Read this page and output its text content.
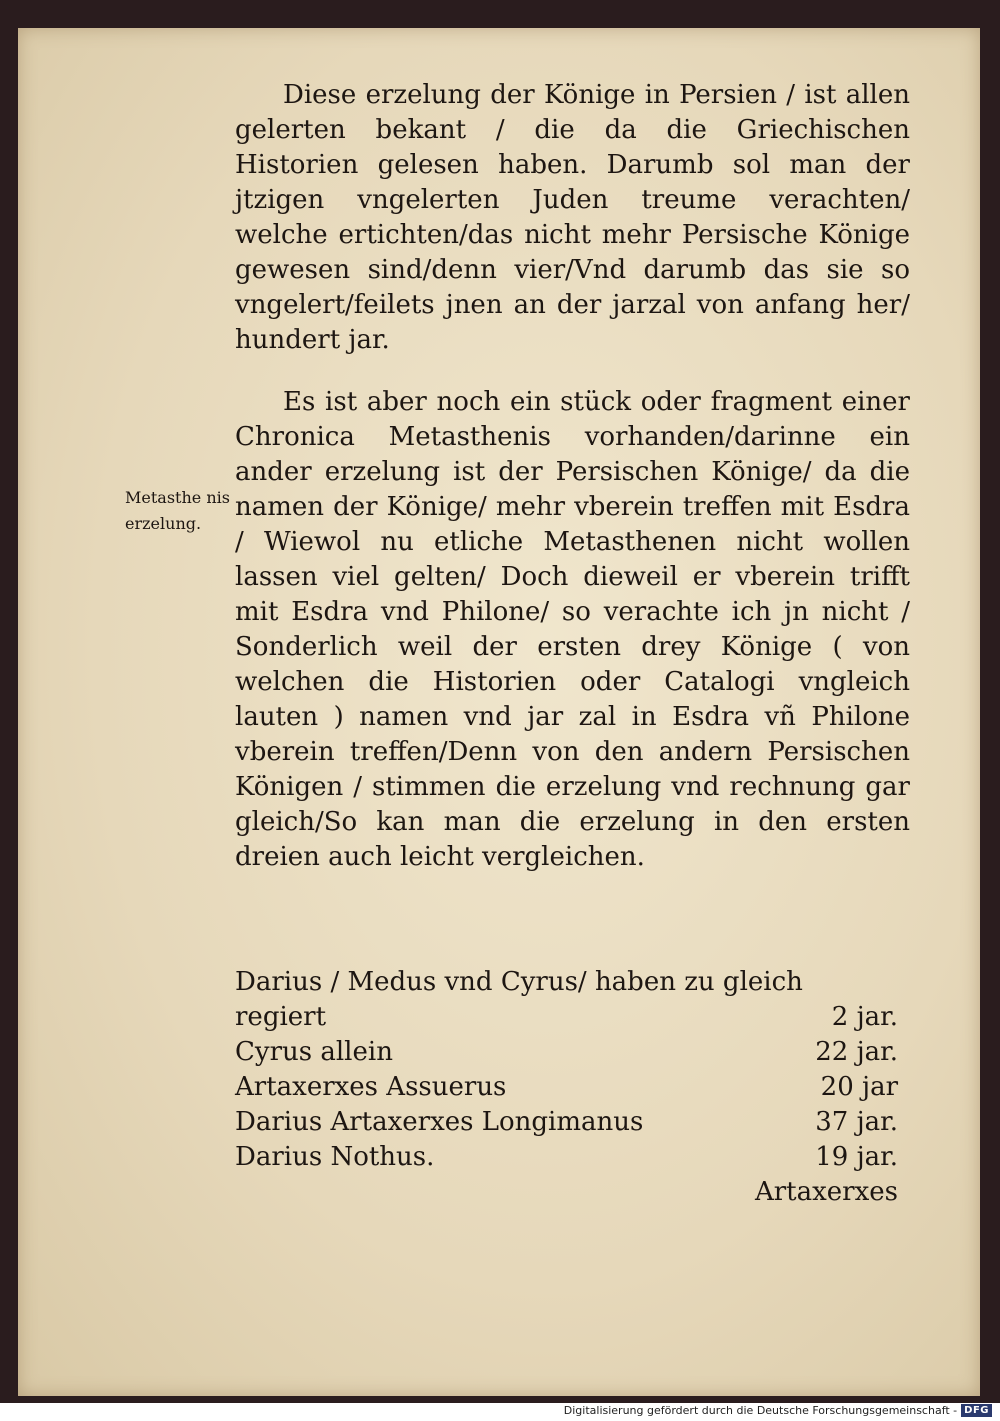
Diese erzelung der Könige in Persien / ist allen gelerten bekant / die da die Griechischen Historien gelesen haben. Darumb sol man der jtzigen vngelerten Juden treume verachten/ welche ertichten/das nicht mehr Persische Könige gewesen sind/denn vier/Vnd darumb das sie so vngelert/feilets jnen an der jarzal von anfang her/ hundert jar.

Es ist aber noch ein stück oder fragment einer Chronica Metasthenis vorhanden/darinne ein ander erzelung ist der Persischen Könige/ da die namen der Könige/ mehr vberein treffen mit Esdra / Wiewol nu etliche Metasthenen nicht wollen lassen viel gelten/ Doch dieweil er vberein trifft mit Esdra vnd Philone/ so verachte ich jn nicht / Sonderlich weil der ersten drey Könige ( von welchen die Historien oder Catalogi vngleich lauten ) namen vnd jar zal in Esdra vñ Philone vberein treffen/Denn von den andern Persischen Königen / stimmen die erzelung vnd rechnung gar gleich/So kan man die erzelung in den ersten dreien auch leicht vergleichen.

Metasthe nis erzelung.
Darius / Medus vnd Cyrus/ haben zu gleich
regiert	2 jar.
Cyrus allein	22 jar.
Artaxerxes Assuerus	20 jar
Darius Artaxerxes Longimanus	37 jar.
Darius Nothus.	19 jar.
Artaxerxes
Digitalisierung gefördert durch die Deutsche Forschungsgemeinschaft - DFG
